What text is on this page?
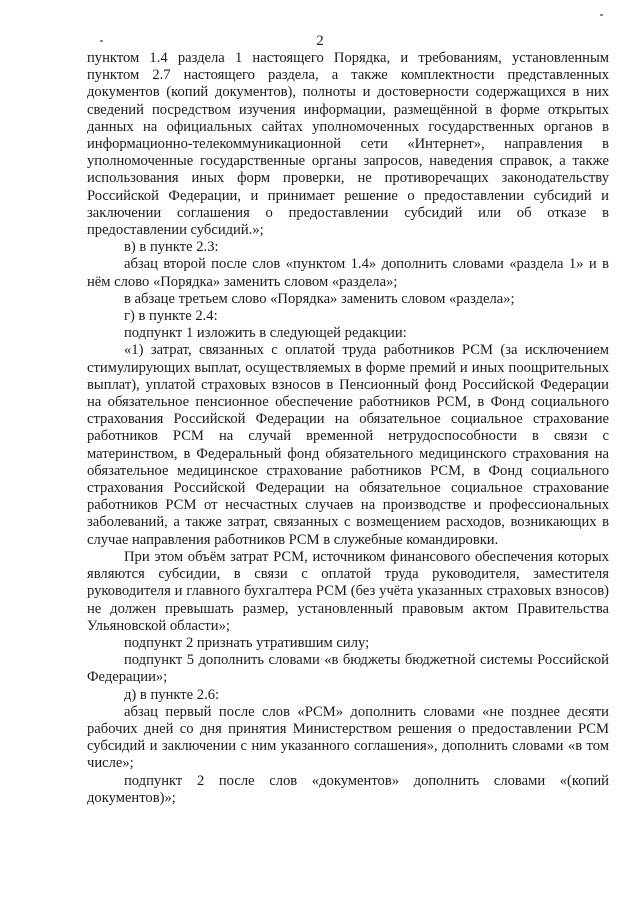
2

пунктом 1.4 раздела 1 настоящего Порядка, и требованиям, установленным пунктом 2.7 настоящего раздела, а также комплектности представленных документов (копий документов), полноты и достоверности содержащихся в них сведений посредством изучения информации, размещённой в форме открытых данных на официальных сайтах уполномоченных государственных органов в информационно-телекоммуникационной сети «Интернет», направления в уполномоченные государственные органы запросов, наведения справок, а также использования иных форм проверки, не противоречащих законодательству Российской Федерации, и принимает решение о предоставлении субсидий и заключении соглашения о предоставлении субсидий или об отказе в предоставлении субсидий.»;

в) в пункте 2.3:

абзац второй после слов «пунктом 1.4» дополнить словами «раздела 1» и в нём слово «Порядка» заменить словом «раздела»;

в абзаце третьем слово «Порядка» заменить словом «раздела»;

г) в пункте 2.4:

подпункт 1 изложить в следующей редакции:

«1) затрат, связанных с оплатой труда работников РСМ (за исключением стимулирующих выплат, осуществляемых в форме премий и иных поощрительных выплат), уплатой страховых взносов в Пенсионный фонд Российской Федерации на обязательное пенсионное обеспечение работников РСМ, в Фонд социального страхования Российской Федерации на обязательное социальное страхование работников РСМ на случай временной нетрудоспособности в связи с материнством, в Федеральный фонд обязательного медицинского страхования на обязательное медицинское страхование работников РСМ, в Фонд социального страхования Российской Федерации на обязательное социальное страхование работников РСМ от несчастных случаев на производстве и профессиональных заболеваний, а также затрат, связанных с возмещением расходов, возникающих в случае направления работников РСМ в служебные командировки.

При этом объём затрат РСМ, источником финансового обеспечения которых являются субсидии, в связи с оплатой труда руководителя, заместителя руководителя и главного бухгалтера РСМ (без учёта указанных страховых взносов) не должен превышать размер, установленный правовым актом Правительства Ульяновской области»;

подпункт 2 признать утратившим силу;

подпункт 5 дополнить словами «в бюджеты бюджетной системы Российской Федерации»;

д) в пункте 2.6:

абзац первый после слов «РСМ» дополнить словами «не позднее десяти рабочих дней со дня принятия Министерством решения о предоставлении РСМ субсидий и заключении с ним указанного соглашения», дополнить словами «в том числе»;

подпункт 2 после слов «документов» дополнить словами «(копий документов)»;
